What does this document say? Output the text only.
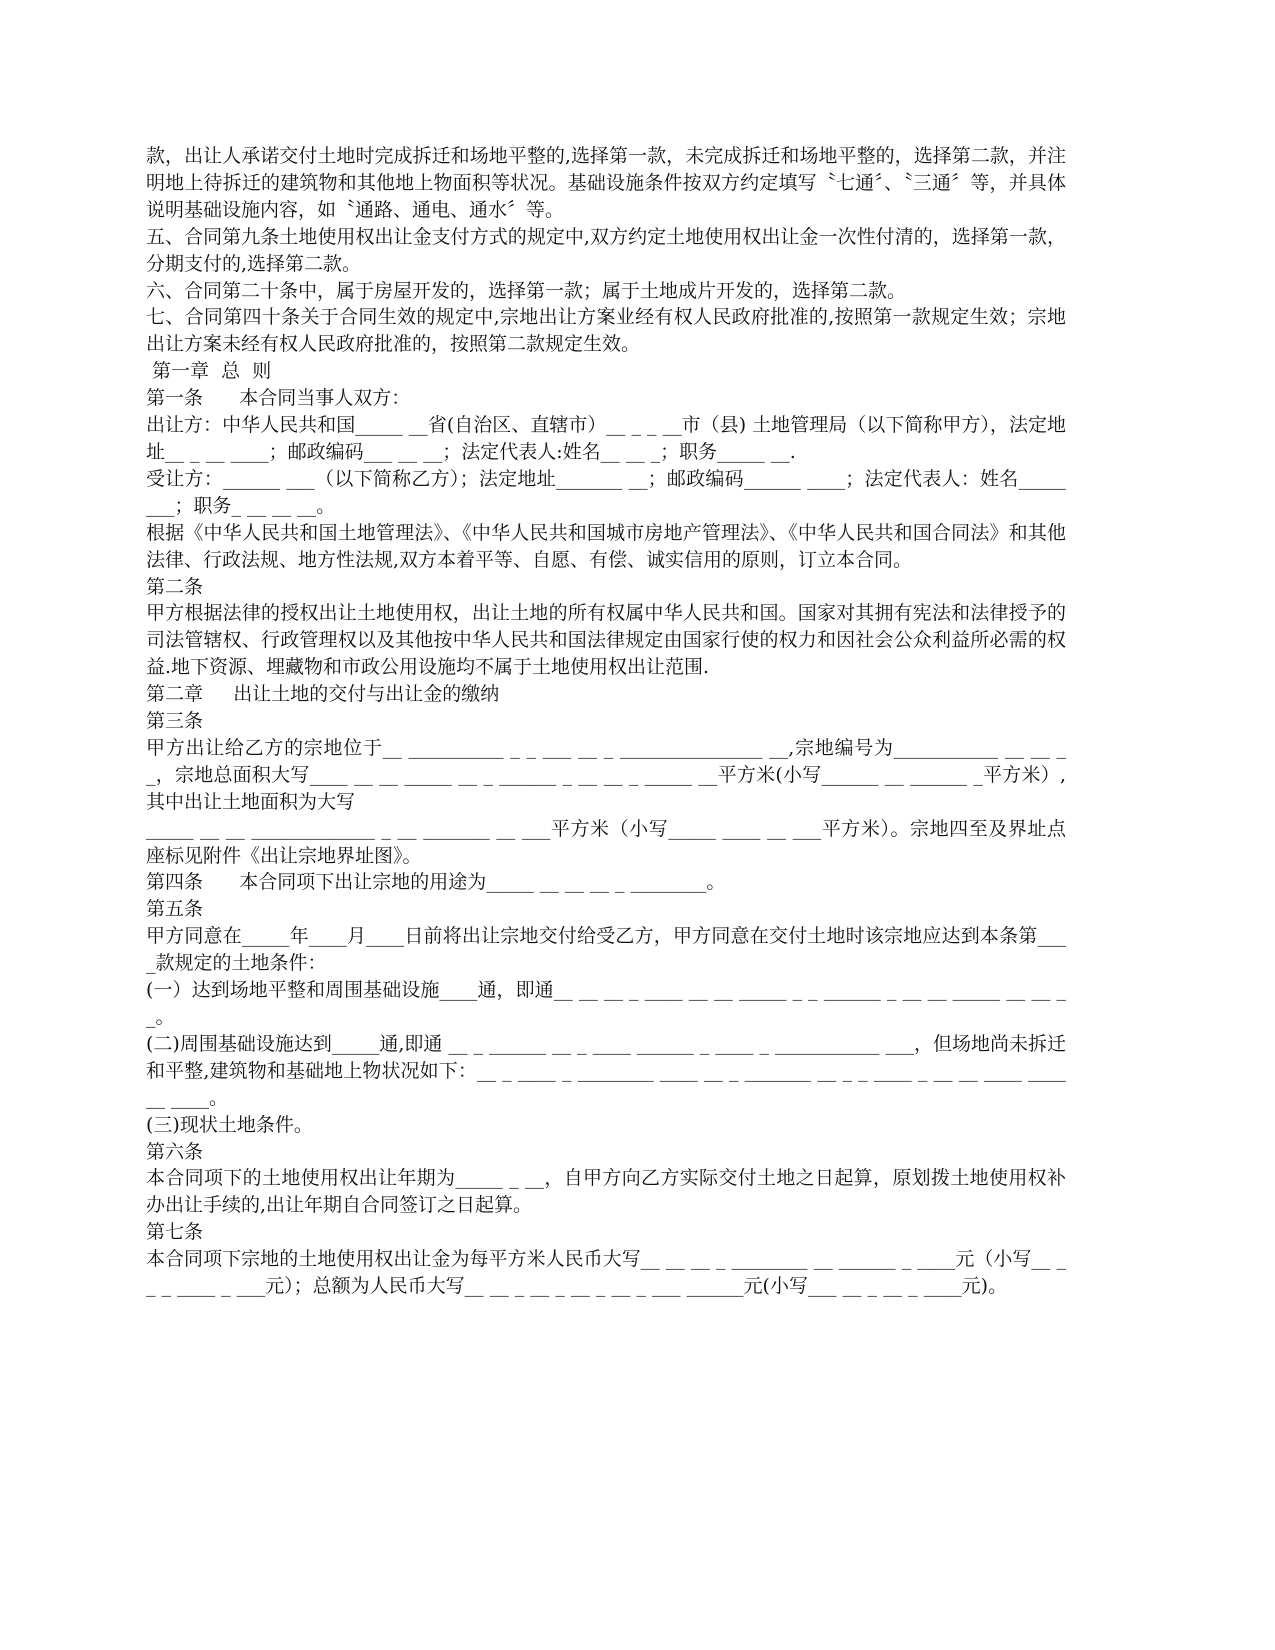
款，出让人承诺交付土地时完成拆迁和场地平整的,选择第一款，未完成拆迁和场地平整的，选择第二款，并注明地上待拆迁的建筑物和其他地上物面积等状况。基础设施条件按双方约定填写〝七通〞、〝三通〞等，并具体说明基础设施内容，如〝通路、通电、通水〞等。

五、合同第九条土地使用权出让金支付方式的规定中,双方约定土地使用权出让金一次性付清的，选择第一款，分期支付的,选择第二款。

六、合同第二十条中，属于房屋开发的，选择第一款；属于土地成片开发的，选择第二款。

七、合同第四十条关于合同生效的规定中,宗地出让方案业经有权人民政府批准的,按照第一款规定生效；宗地出让方案未经有权人民政府批准的，按照第二款规定生效。

第一章  总  则

第一条      本合同当事人双方：

出让方：中华人民共和国_____ __省(自治区、直辖市）__ _ _ __市（县) 土地管理局（以下简称甲方），法定地址__ _ __ ____；邮政编码___ __ __；法定代表人:姓名__ __ _；职务_____ __.

受让方：______ ___（以下简称乙方）；法定地址_______ __；邮政编码______ ____；法定代表人：姓名_____ ___；职务_ __ __ __。

根据《中华人民共和国土地管理法》、《中华人民共和国城市房地产管理法》、《中华人民共和国合同法》和其他法律、行政法规、地方性法规,双方本着平等、自愿、有偿、诚实信用的原则，订立本合同。

第二条

甲方根据法律的授权出让土地使用权，出让土地的所有权属中华人民共和国。国家对其拥有宪法和法律授予的司法管辖权、行政管理权以及其他按中华人民共和国法律规定由国家行使的权力和因社会公众利益所必需的权益.地下资源、埋藏物和市政公用设施均不属于土地使用权出让范围.

第二章     出让土地的交付与出让金的缴纳

第三条

甲方出让给乙方的宗地位于__ __________ _ _ ___ __ _ _______________ __,宗地编号为___________ __ __ __，宗地总面积大写____ __ __ _____ __ _ ______ _ __ __ _ _____ __平方米(小写______ __ ______ _平方米）,其中出让土地面积为大写

_____ __ __ _____________ _ __ _______ __ ___平方米（小写_____ ____ __ ___平方米）。宗地四至及界址点座标见附件《出让宗地界址图》。

第四条      本合同项下出让宗地的用途为_____ __ __ __ _ ________。

第五条

甲方同意在_____年____月____日前将出让宗地交付给受乙方，甲方同意在交付土地时该宗地应达到本条第____款规定的土地条件：

(一）达到场地平整和周围基础设施____通，即通__ __ __ _ ____ __ __ _____ _ _ ______ _ __ __ _____ __ __ __。

(二)周围基础设施达到_____通,即通 __ _ ______ __ _ ____ ______ _ ____ _ ___________ ___，但场地尚未拆迁和平整,建筑物和基础地上物状况如下：__ _ ____ _ ________ ____ __ _ _______ __ _ _ ____ _ __ __ ____ ____ __ ____。

(三)现状土地条件。

第六条

本合同项下的土地使用权出让年期为_____ _ __，自甲方向乙方实际交付土地之日起算，原划拨土地使用权补办出让手续的,出让年期自合同签订之日起算。

第七条

本合同项下宗地的土地使用权出让金为每平方米人民币大写__ __ __ _ ________ __ ______ _ ____元（小写__ __ _ ____ _ ___元）；总额为人民币大写__ __ _ __ _ __ _ __ _ ___ ______元(小写___ __ _ __ _ ____元)。
